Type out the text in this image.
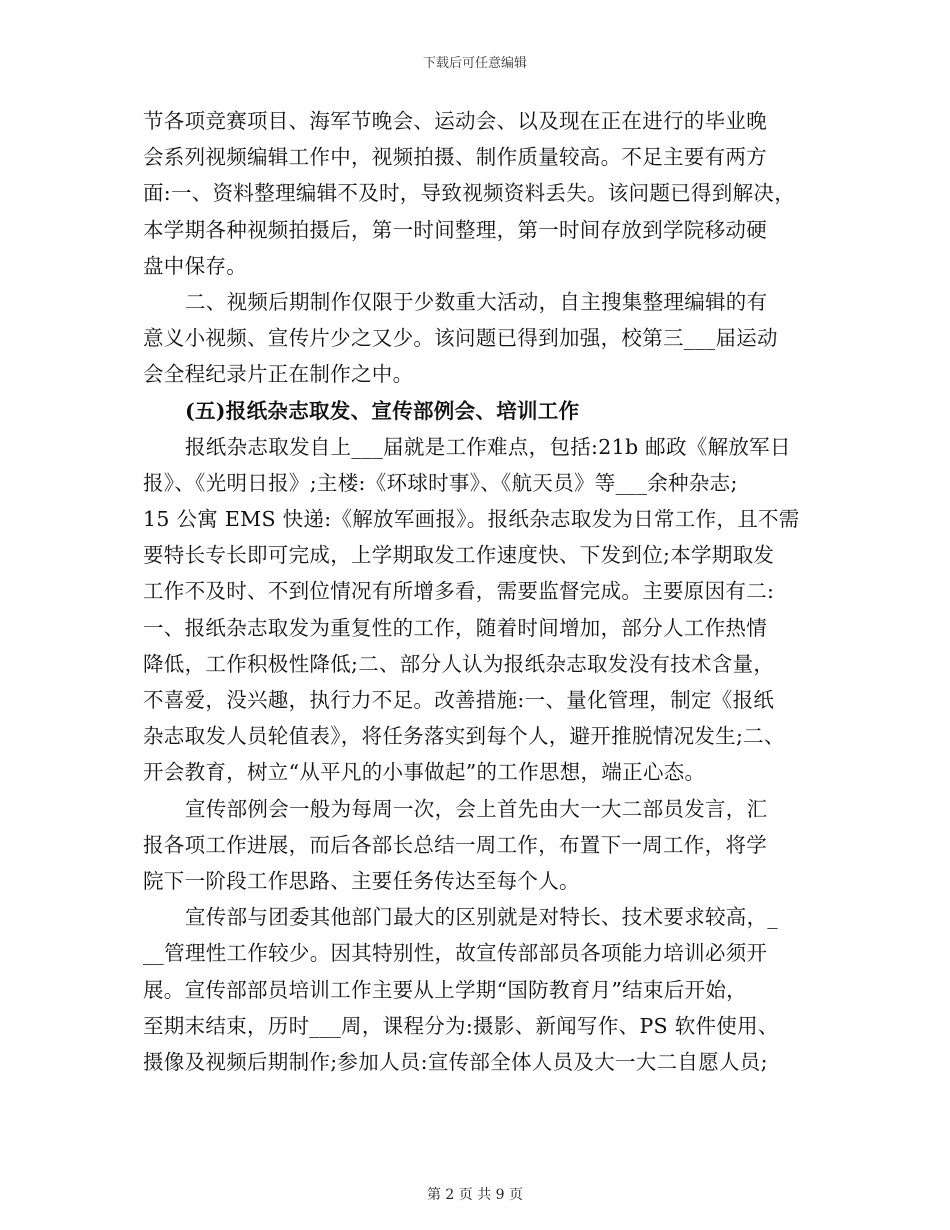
下载后可任意编辑
节各项竞赛项目、海军节晚会、运动会、以及现在正在进行的毕业晚
会系列视频编辑工作中，视频拍摄、制作质量较高。不足主要有两方
面:一、资料整理编辑不及时，导致视频资料丢失。该问题已得到解决，
本学期各种视频拍摄后，第一时间整理，第一时间存放到学院移动硬
盘中保存。
二、视频后期制作仅限于少数重大活动，自主搜集整理编辑的有
意义小视频、宣传片少之又少。该问题已得到加强，校第三___届运动
会全程纪录片正在制作之中。
(五)报纸杂志取发、宣传部例会、培训工作
报纸杂志取发自上___届就是工作难点，包括:21b 邮政《解放军日
报》、《光明日报》;主楼:《环球时事》、《航天员》等___余种杂志;
15 公寓 EMS 快递:《解放军画报》。报纸杂志取发为日常工作，且不需
要特长专长即可完成，上学期取发工作速度快、下发到位;本学期取发
工作不及时、不到位情况有所增多看，需要监督完成。主要原因有二:
一、报纸杂志取发为重复性的工作，随着时间增加，部分人工作热情
降低，工作积极性降低;二、部分人认为报纸杂志取发没有技术含量，
不喜爱，没兴趣，执行力不足。改善措施:一、量化管理，制定《报纸
杂志取发人员轮值表》，将任务落实到每个人，避开推脱情况发生;二、
开会教育，树立“从平凡的小事做起”的工作思想，端正心态。
宣传部例会一般为每周一次，会上首先由大一大二部员发言，汇
报各项工作进展，而后各部长总结一周工作，布置下一周工作，将学
院下一阶段工作思路、主要任务传达至每个人。
宣传部与团委其他部门最大的区别就是对特长、技术要求较高，_
__管理性工作较少。因其特别性，故宣传部部员各项能力培训必须开
展。宣传部部员培训工作主要从上学期“国防教育月”结束后开始，
至期末结束，历时___周，课程分为:摄影、新闻写作、PS 软件使用、
摄像及视频后期制作;参加人员:宣传部全体人员及大一大二自愿人员;
第 2 页 共 9 页
